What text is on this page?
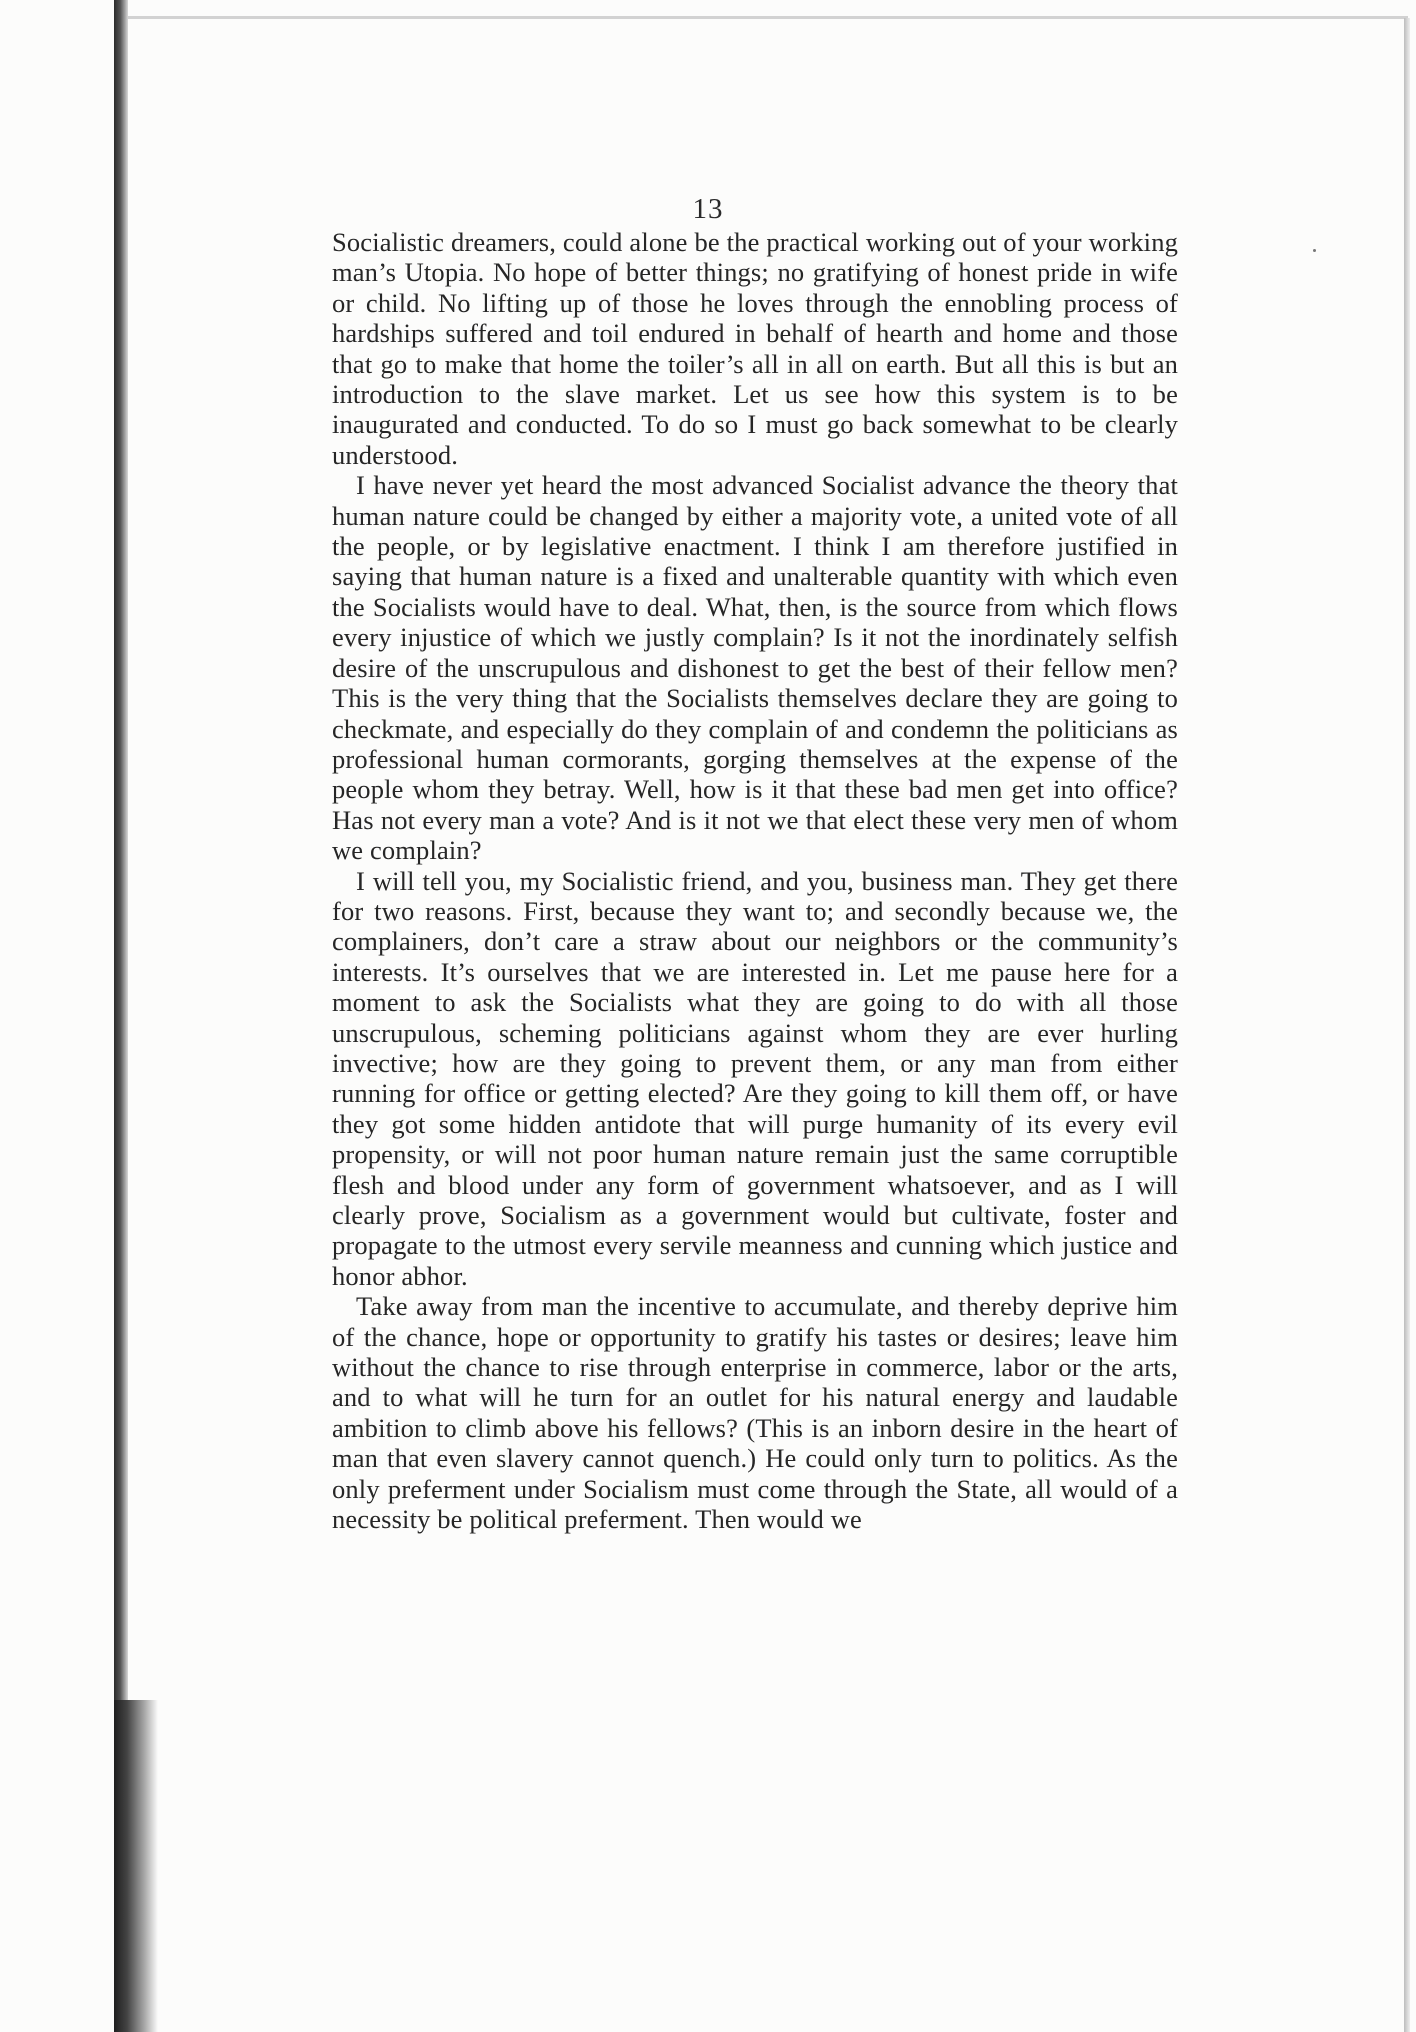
13

Socialistic dreamers, could alone be the practical working out of your working man’s Utopia. No hope of better things; no gratifying of honest pride in wife or child. No lifting up of those he loves through the ennobling process of hardships suffered and toil endured in behalf of hearth and home and those that go to make that home the toiler’s all in all on earth. But all this is but an introduction to the slave market. Let us see how this system is to be inaugurated and conducted. To do so I must go back somewhat to be clearly understood.

I have never yet heard the most advanced Socialist advance the theory that human nature could be changed by either a majority vote, a united vote of all the people, or by legislative enactment. I think I am therefore justified in saying that human nature is a fixed and unalterable quantity with which even the Socialists would have to deal. What, then, is the source from which flows every injustice of which we justly complain? Is it not the inordinately selfish desire of the unscrupulous and dishonest to get the best of their fellow men? This is the very thing that the Socialists themselves declare they are going to checkmate, and especially do they complain of and condemn the politicians as professional human cormorants, gorging themselves at the expense of the people whom they betray. Well, how is it that these bad men get into office? Has not every man a vote? And is it not we that elect these very men of whom we complain?

I will tell you, my Socialistic friend, and you, business man. They get there for two reasons. First, because they want to; and secondly because we, the complainers, don’t care a straw about our neighbors or the community’s interests. It’s ourselves that we are interested in. Let me pause here for a moment to ask the Socialists what they are going to do with all those unscrupulous, scheming politicians against whom they are ever hurling invective; how are they going to prevent them, or any man from either running for office or getting elected? Are they going to kill them off, or have they got some hidden antidote that will purge humanity of its every evil propensity, or will not poor human nature remain just the same corruptible flesh and blood under any form of government whatsoever, and as I will clearly prove, Socialism as a government would but cultivate, foster and propagate to the utmost every servile meanness and cunning which justice and honor abhor.

Take away from man the incentive to accumulate, and thereby deprive him of the chance, hope or opportunity to gratify his tastes or desires; leave him without the chance to rise through enterprise in commerce, labor or the arts, and to what will he turn for an outlet for his natural energy and laudable ambition to climb above his fellows? (This is an inborn desire in the heart of man that even slavery cannot quench.) He could only turn to politics. As the only preferment under Socialism must come through the State, all would of a necessity be political preferment. Then would we
